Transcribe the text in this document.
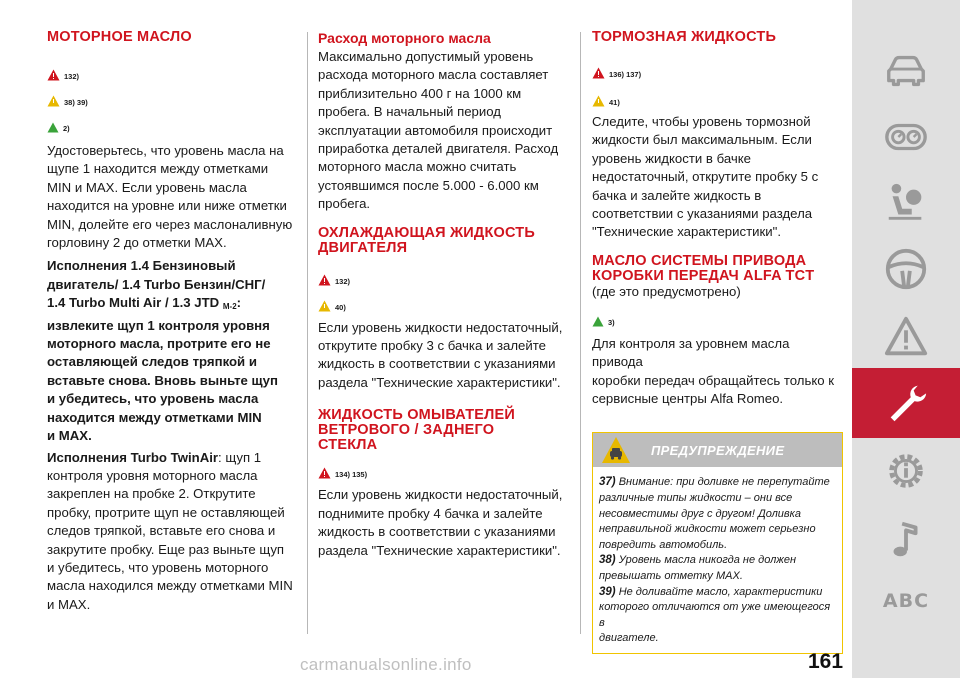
МОТОРНОЕ МАСЛО
132)
38) 39)
2)
Удостоверьтесь, что уровень масла на
щупе 1 находится между отметками
MIN и MAX. Если уровень масла
находится на уровне или ниже отметки
MIN, долейте его через маслоналивную
горловину 2 до отметки MAX.
Исполнения 1.4 Бензиновый
двигатель/ 1.4 Turbo Бензин/СНГ/
1.4 Turbo Multi Air / 1.3 JTD $_{M-2}$:
извлеките щуп 1 контроля уровня
моторного масла, протрите его не
оставляющей следов тряпкой и
вставьте снова. Вновь выньте щуп
и убедитесь, что уровень масла
находится между отметками MIN
и MAX.
Исполнения Turbo TwinAir: щуп 1
контроля уровня моторного масла
закреплен на пробке 2. Открутите
пробку, протрите щуп не оставляющей
следов тряпкой, вставьте его снова и
закрутите пробку. Еще раз выньте щуп
и убедитесь, что уровень моторного
масла находился между отметками MIN
и MAX.
Расход моторного масла
Максимально допустимый уровень
расхода моторного масла составляет
приблизительно 400 г на 1000 км
пробега. В начальный период
эксплуатации автомобиля происходит
приработка деталей двигателя. Расход
моторного масла можно считать
устоявшимся после 5.000 - 6.000 км
пробега.
ОХЛАЖДАЮЩАЯ ЖИДКОСТЬ
ДВИГАТЕЛЯ
132)
40)
Если уровень жидкости недостаточный,
открутите пробку 3 с бачка и залейте
жидкость в соответствии с указаниями
раздела "Технические характеристики".
ЖИДКОСТЬ ОМЫВАТЕЛЕЙ
ВЕТРОВОГО / ЗАДНЕГО
СТЕКЛА
134) 135)
Если уровень жидкости недостаточный,
поднимите пробку 4 бачка и залейте
жидкость в соответствии с указаниями
раздела "Технические характеристики".
ТОРМОЗНАЯ ЖИДКОСТЬ
136) 137)
41)
Следите, чтобы уровень тормозной
жидкости был максимальным. Если
уровень жидкости в бачке
недостаточный, открутите пробку 5 с
бачка и залейте жидкость в
соответствии с указаниями раздела
"Технические характеристики".
МАСЛО СИСТЕМЫ ПРИВОДА
КОРОБКИ ПЕРЕДАЧ ALFA TCT
(где это предусмотрено)
3)
Для контроля за уровнем масла привода
коробки передач обращайтесь только к
сервисные центры Alfa Romeo.
ПРЕДУПРЕЖДЕНИЕ
37) Внимание: при доливке не перепутайте
различные типы жидкости – они все
несовместимы друг с другом! Доливка
неправильной жидкости может серьезно
повредить автомобиль.
38) Уровень масла никогда не должен
превышать отметку MAX.
39) Не доливайте масло, характеристики
которого отличаются от уже имеющегося в
двигателе.
ABC
carmanualsonline.info	161
